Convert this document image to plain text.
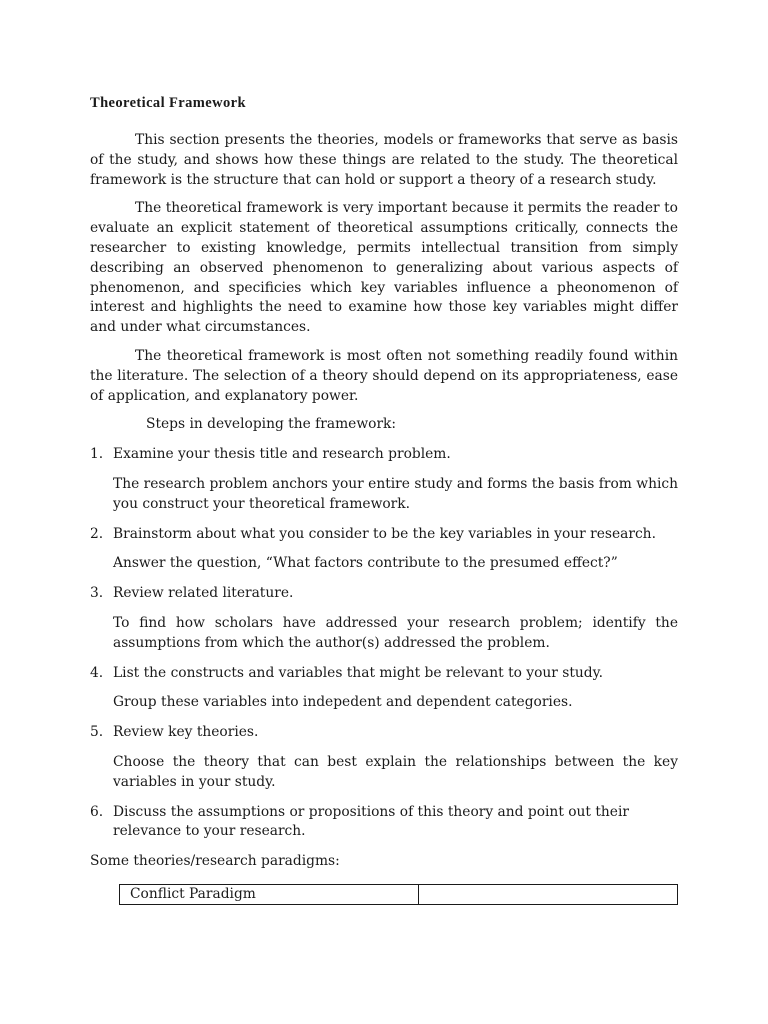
Theoretical Framework

This section presents the theories, models or frameworks that serve as basis of the study, and shows how these things are related to the study. The theoretical framework is the structure that can hold or support a theory of a research study.

The theoretical framework is very important because it permits the reader to evaluate an explicit statement of theoretical assumptions critically, connects the researcher to existing knowledge, permits intellectual transition from simply describing an observed phenomenon to generalizing about various aspects of phenomenon, and specificies which key variables influence a pheonomenon of interest and highlights the need to examine how those key variables might differ and under what circumstances.

The theoretical framework is most often not something readily found within the literature. The selection of a theory should depend on its appropriateness, ease of application, and explanatory power.

Steps in developing the framework:
1. Examine your thesis title and research problem.
The research problem anchors your entire study and forms the basis from which you construct your theoretical framework.
2. Brainstorm about what you consider to be the key variables in your research.
Answer the question, “What factors contribute to the presumed effect?”
3. Review related literature.
To find how scholars have addressed your research problem; identify the assumptions from which the author(s) addressed the problem.
4. List the constructs and variables that might be relevant to your study.
Group these variables into indepedent and dependent categories.
5. Review key theories.
Choose the theory that can best explain the relationships between the key variables in your study.
6. Discuss the assumptions or propositions of this theory and point out their relevance to your research.
Some theories/research paradigms:
Conflict Paradigm	
